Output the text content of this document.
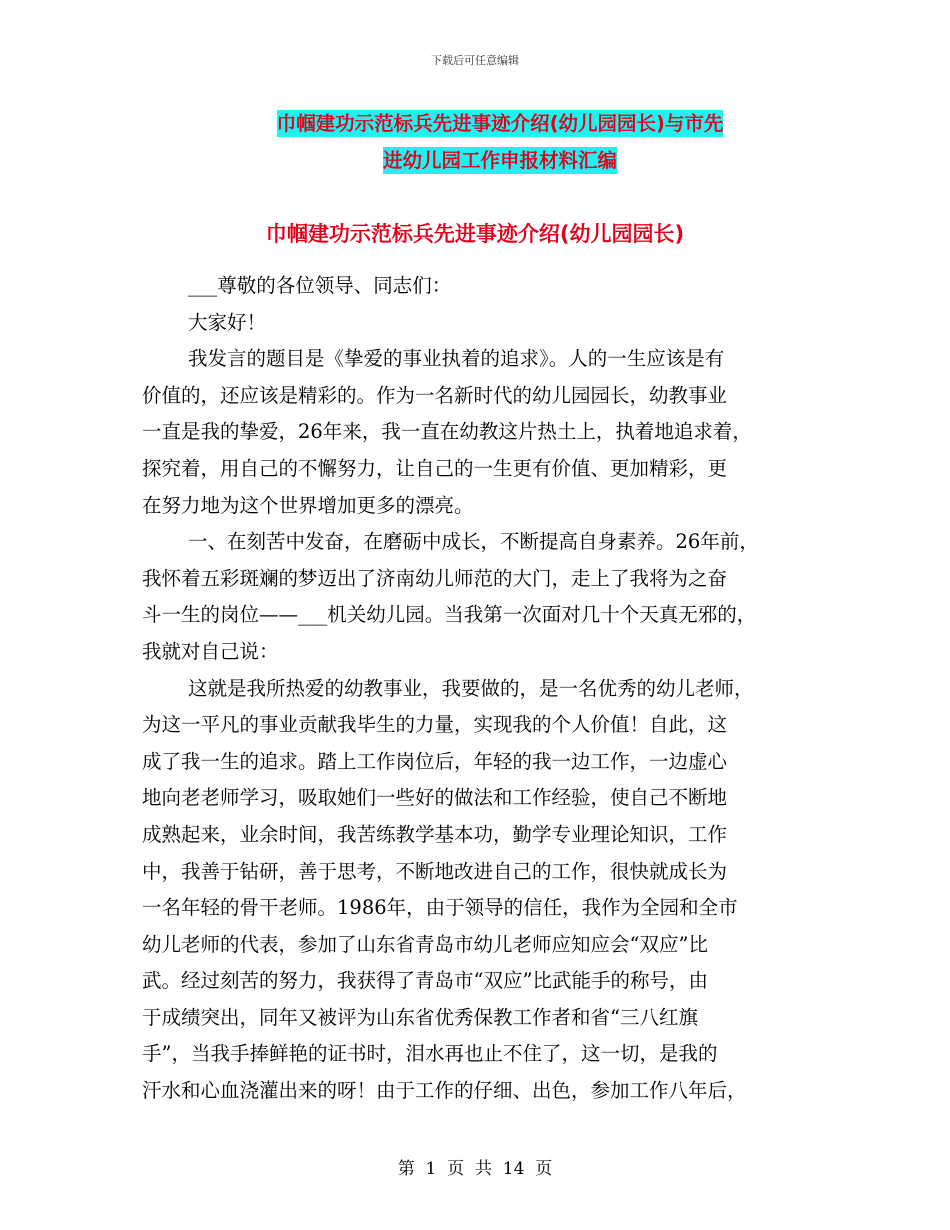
下载后可任意编辑
巾帼建功示范标兵先进事迹介绍(幼儿园园长)与市先
进幼儿园工作申报材料汇编
巾帼建功示范标兵先进事迹介绍(幼儿园园长)
___尊敬的各位领导、同志们：
大家好！
我发言的题目是《挚爱的事业执着的追求》。人的一生应该是有
价值的，还应该是精彩的。作为一名新时代的幼儿园园长，幼教事业
一直是我的挚爱，26年来，我一直在幼教这片热土上，执着地追求着，
探究着，用自己的不懈努力，让自己的一生更有价值、更加精彩，更
在努力地为这个世界增加更多的漂亮。
一、在刻苦中发奋，在磨砺中成长，不断提高自身素养。26年前，
我怀着五彩斑斓的梦迈出了济南幼儿师范的大门，走上了我将为之奋
斗一生的岗位——___机关幼儿园。当我第一次面对几十个天真无邪的，
我就对自己说：
这就是我所热爱的幼教事业，我要做的，是一名优秀的幼儿老师，
为这一平凡的事业贡献我毕生的力量，实现我的个人价值！自此，这
成了我一生的追求。踏上工作岗位后，年轻的我一边工作，一边虚心
地向老老师学习，吸取她们一些好的做法和工作经验，使自己不断地
成熟起来，业余时间，我苦练教学基本功，勤学专业理论知识，工作
中，我善于钻研，善于思考，不断地改进自己的工作，很快就成长为
一名年轻的骨干老师。1986年，由于领导的信任，我作为全园和全市
幼儿老师的代表，参加了山东省青岛市幼儿老师应知应会“双应”比
武。经过刻苦的努力，我获得了青岛市“双应”比武能手的称号，由
于成绩突出，同年又被评为山东省优秀保教工作者和省“三八红旗
手”，当我手捧鲜艳的证书时，泪水再也止不住了，这一切，是我的
汗水和心血浇灌出来的呀！由于工作的仔细、出色，参加工作八年后，
第  1  页  共  14  页
